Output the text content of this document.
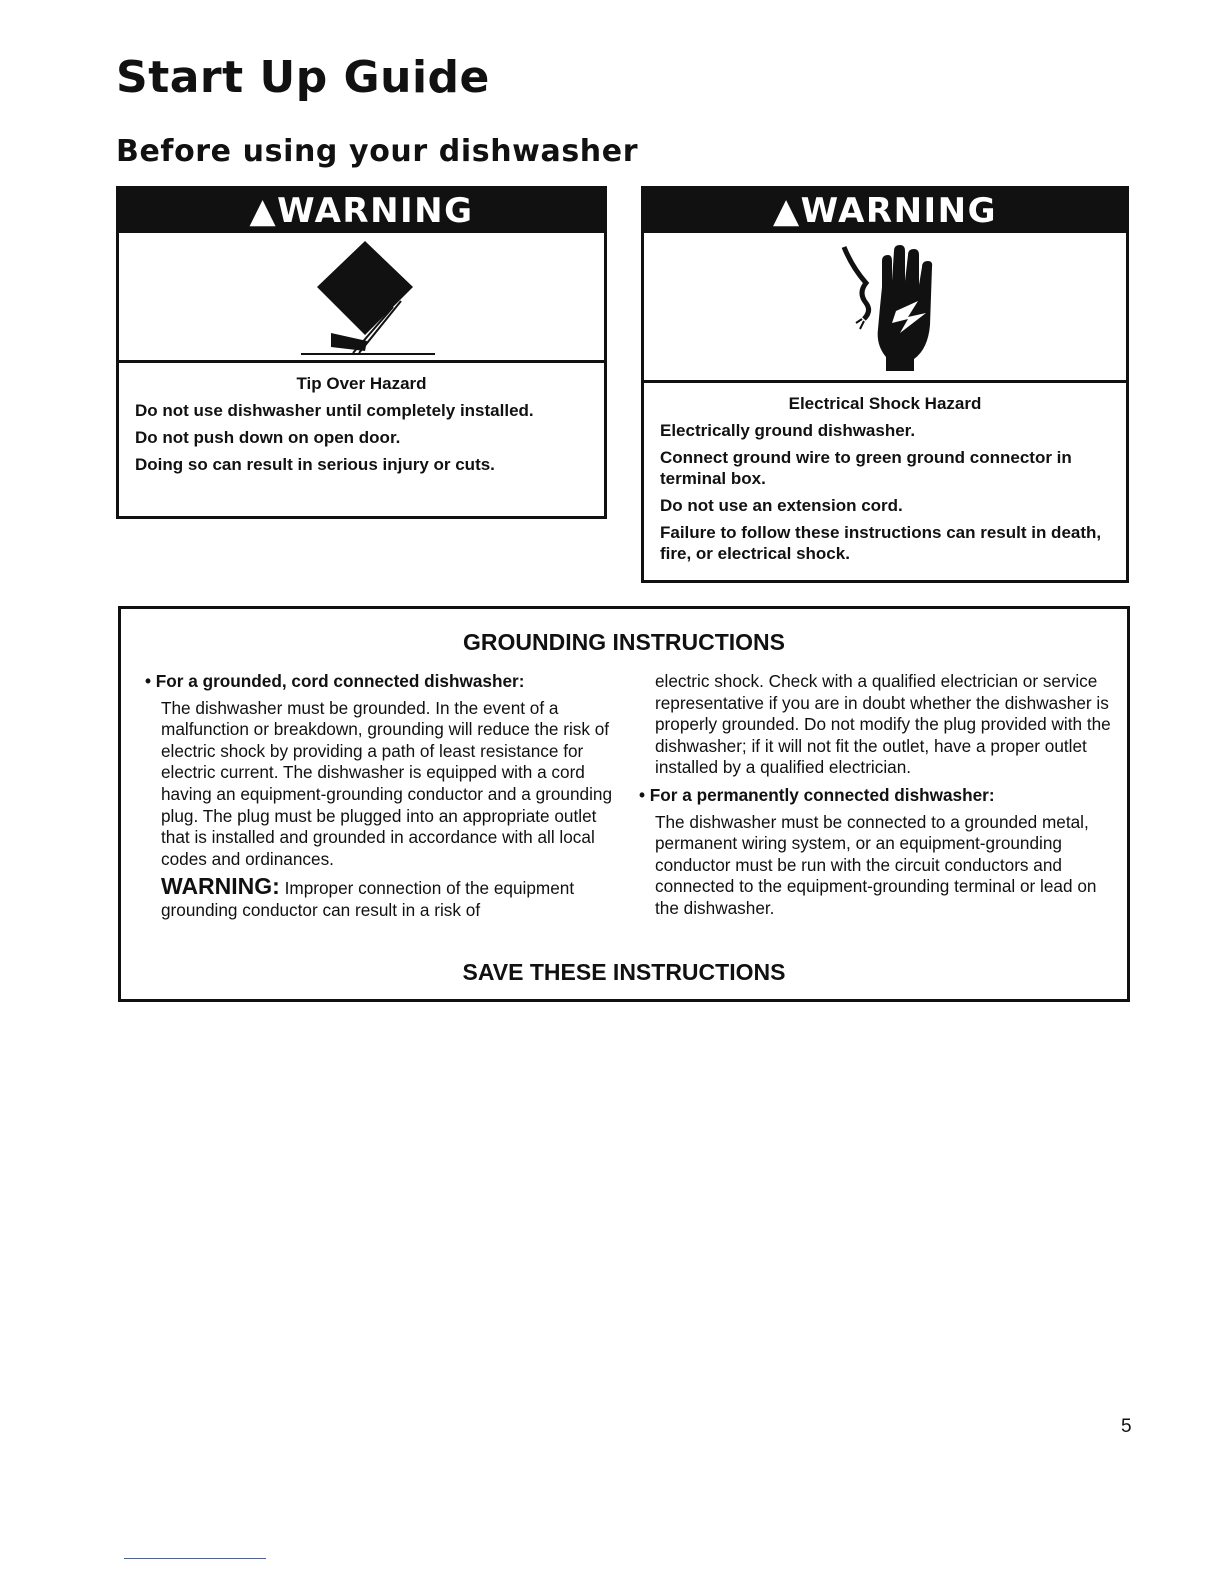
Start Up Guide
Before using your dishwasher
▲WARNING
Tip Over Hazard

Do not use dishwasher until completely installed.

Do not push down on open door.

Doing so can result in serious injury or cuts.

▲WARNING
Electrical Shock Hazard

Electrically ground dishwasher.

Connect ground wire to green ground connector in terminal box.

Do not use an extension cord.

Failure to follow these instructions can result in death, fire, or electrical shock.

GROUNDING INSTRUCTIONS

• For a grounded, cord connected dishwasher:

The dishwasher must be grounded. In the event of a malfunction or breakdown, grounding will reduce the risk of electric shock by providing a path of least resistance for electric current. The dishwasher is equipped with a cord having an equipment-grounding conductor and a grounding plug. The plug must be plugged into an appropriate outlet that is installed and grounded in accordance with all local codes and ordinances.

WARNING: Improper connection of the equipment grounding conductor can result in a risk of

electric shock. Check with a qualified electrician or service representative if you are in doubt whether the dishwasher is properly grounded. Do not modify the plug provided with the dishwasher; if it will not fit the outlet, have a proper outlet installed by a qualified electrician.

• For a permanently connected dishwasher:

The dishwasher must be connected to a grounded metal, permanent wiring system, or an equipment-grounding conductor must be run with the circuit conductors and connected to the equipment-grounding terminal or lead on the dishwasher.

SAVE THESE INSTRUCTIONS
5
